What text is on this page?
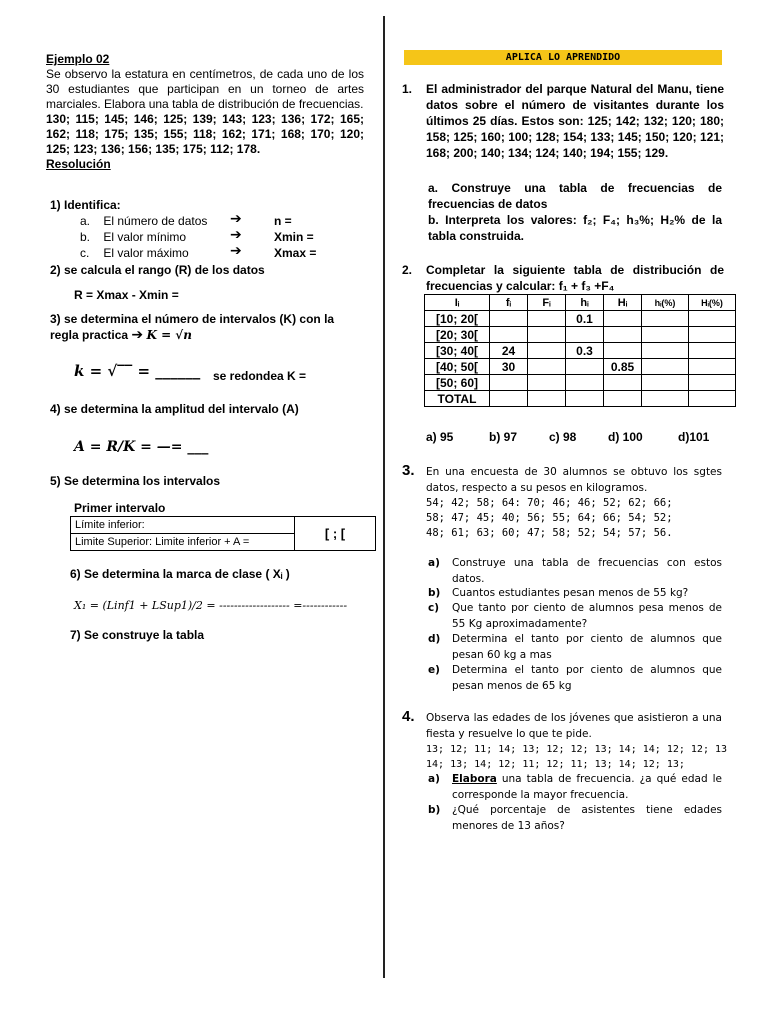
Ejemplo 02

Se observo la estatura en centímetros, de cada uno de los 30 estudiantes que participan en un torneo de artes marciales. Elabora una tabla de distribución de frecuencias.

130; 115; 145; 146; 125; 139; 143; 123; 136; 172; 165; 162; 118; 175; 135; 155; 118; 162; 171; 168; 170; 120; 125; 123; 136; 156; 135; 175; 112; 178.

Resolución

1) Identifica:
a. El número de datos ➔	n =
b. El valor mínimo	➔	Xmin =
c. El valor máximo	➔	Xmax =
2) se calcula el rango (R) de los datos
R = Xmax - Xmin =
3) se determina el número de intervalos (K) con la regla practica ➔ K = √n
k = √‾‾ = ______ se redondea K =
4) se determina la amplitud del intervalo (A)
A = R/K = —= ___
5) Se determina los intervalos
Primer intervalo
Límite inferior:	[ ; [
Limite Superior: Limite inferior + A =
6) Se determina la marca de clase ( Xᵢ )
X₁ = (Linf1 + LSup1)/2 = ------------------- =------------
7) Se construye la tabla
APLICA LO APRENDIDO
1.	El administrador del parque Natural del Manu, tiene datos sobre el número de visitantes durante los últimos 25 días. Estos son: 125; 142; 132; 120; 180; 158; 125; 160; 100; 128; 154; 133; 145; 150; 120; 121; 168; 200; 140; 134; 124; 140; 194; 155; 129.
a. Construye una tabla de frecuencias de frecuencias de datos
b. Interpreta los valores: f₂; F₄; h₃%; H₂% de la tabla construida.
2.	Completar la siguiente tabla de distribución de frecuencias y calcular: f₁ + f₃ +F₄
Iᵢ	fᵢ	Fᵢ	hᵢ	Hᵢ	hᵢ(%)	Hᵢ(%)
[10; 20[			0.1			
[20; 30[						
[30; 40[	24		0.3			
[40; 50[	30			0.85		
[50; 60]						
TOTAL						
a) 95	b) 97	c) 98	d) 100	d)101
3. En una encuesta de 30 alumnos se obtuvo los sgtes datos, respecto a su pesos en kilogramos.
54; 42; 58; 64: 70; 46; 46; 52; 62; 66;
58; 47; 45; 40; 56; 55; 64; 66; 54; 52;
48; 61; 63; 60; 47; 58; 52; 54; 57; 56.
a)	Construye una tabla de frecuencias con estos datos.
b)	Cuantos estudiantes pesan menos de 55 kg?
c)	Que tanto por ciento de alumnos pesa menos de 55 Kg aproximadamente?
d)	Determina el tanto por ciento de alumnos que pesan 60 kg a mas
e)	Determina el tanto por ciento de alumnos que pesan menos de 65 kg
4. Observa las edades de los jóvenes que asistieron a una fiesta y resuelve lo que te pide.
13; 12; 11; 14; 13; 12; 12; 13; 14; 14; 12; 12; 13
14; 13; 14; 12; 11; 12; 11; 13; 14; 12; 13;
a)	Elabora una tabla de frecuencia. ¿a qué edad le corresponde la mayor frecuencia.
b)	¿Qué porcentaje de asistentes tiene edades menores de 13 años?
